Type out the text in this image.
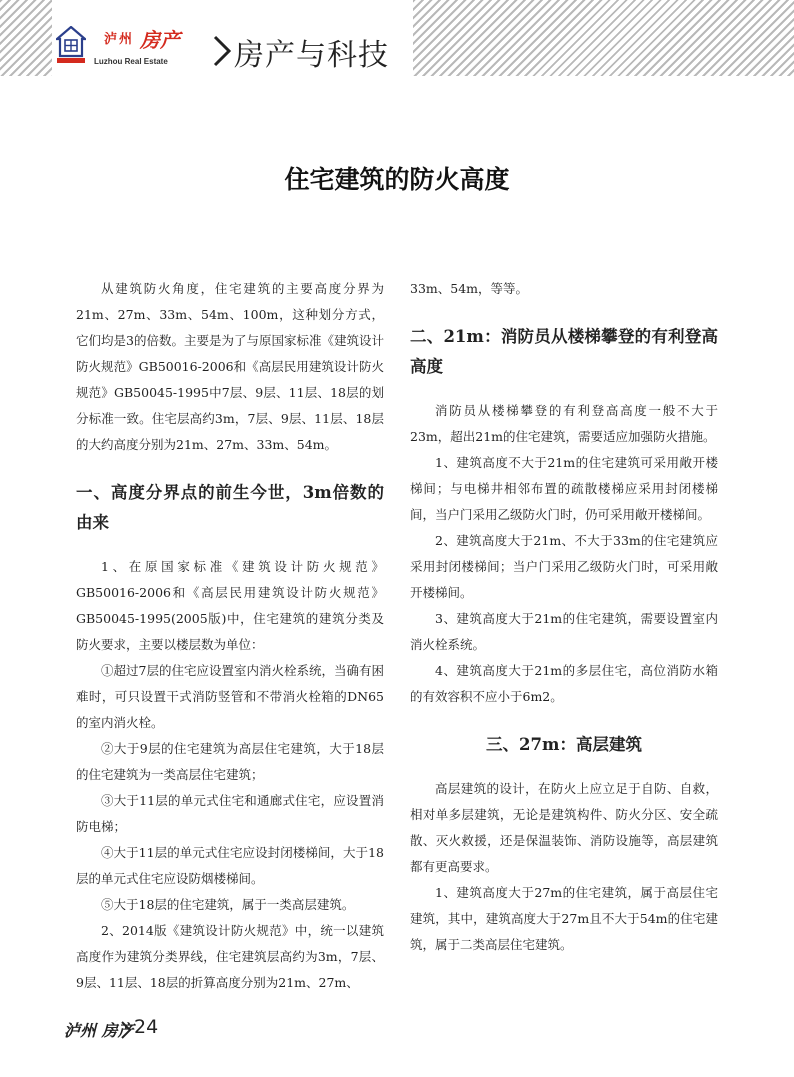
泸州 房产
Luzhou Real Estate 房产与科技
住宅建筑的防火高度

从建筑防火角度，住宅建筑的主要高度分界为21m、27m、33m、54m、100m，这种划分方式，它们均是3的倍数。主要是为了与原国家标准《建筑设计防火规范》GB50016-2006和《高层民用建筑设计防火规范》GB50045-1995中7层、9层、11层、18层的划分标准一致。住宅层高约3m，7层、9层、11层、18层的大约高度分别为21m、27m、33m、54m。

一、高度分界点的前生今世，3m倍数的由来

1、在原国家标准《建筑设计防火规范》GB50016-2006和《高层民用建筑设计防火规范》GB50045-1995(2005版)中，住宅建筑的建筑分类及防火要求，主要以楼层数为单位：

①超过7层的住宅应设置室内消火栓系统，当确有困难时，可只设置干式消防竖管和不带消火栓箱的DN65的室内消火栓。

②大于9层的住宅建筑为高层住宅建筑，大于18层的住宅建筑为一类高层住宅建筑；

③大于11层的单元式住宅和通廊式住宅，应设置消防电梯；

④大于11层的单元式住宅应设封闭楼梯间，大于18层的单元式住宅应设防烟楼梯间。

⑤大于18层的住宅建筑，属于一类高层建筑。

2、2014版《建筑设计防火规范》中，统一以建筑高度作为建筑分类界线，住宅建筑层高约为3m，7层、9层、11层、18层的折算高度分别为21m、27m、

33m、54m，等等。

二、21m：消防员从楼梯攀登的有利登高高度

消防员从楼梯攀登的有利登高高度一般不大于23m，超出21m的住宅建筑，需要适应加强防火措施。

1、建筑高度不大于21m的住宅建筑可采用敞开楼梯间；与电梯井相邻布置的疏散楼梯应采用封闭楼梯间，当户门采用乙级防火门时，仍可采用敞开楼梯间。

2、建筑高度大于21m、不大于33m的住宅建筑应采用封闭楼梯间；当户门采用乙级防火门时，可采用敞开楼梯间。

3、建筑高度大于21m的住宅建筑，需要设置室内消火栓系统。

4、建筑高度大于21m的多层住宅，高位消防水箱的有效容积不应小于6m2。

三、27m：高层建筑

高层建筑的设计，在防火上应立足于自防、自救，相对单多层建筑，无论是建筑构件、防火分区、安全疏散、灭火救援，还是保温装饰、消防设施等，高层建筑都有更高要求。

1、建筑高度大于27m的住宅建筑，属于高层住宅建筑，其中，建筑高度大于27m且不大于54m的住宅建筑，属于二类高层住宅建筑。

泸州 房产 24
